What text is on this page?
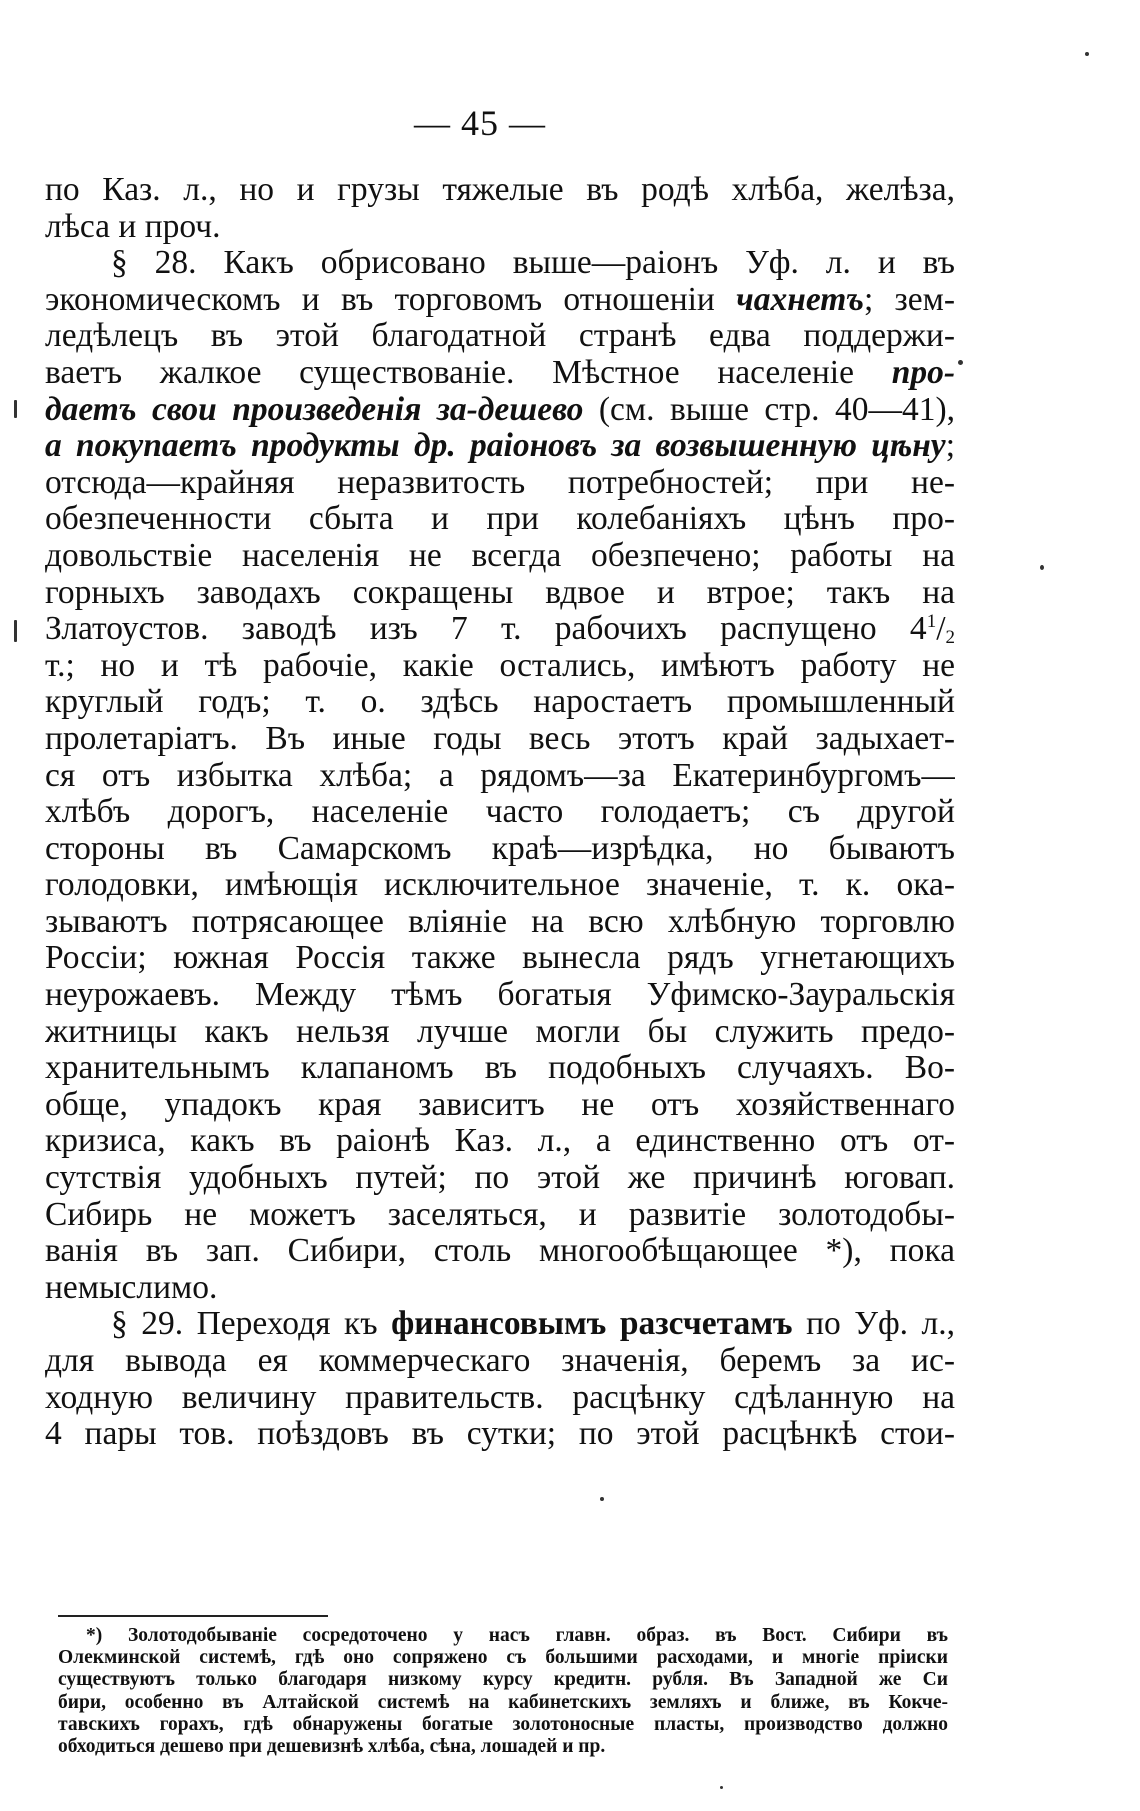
— 45 —
по Каз. л., но и грузы тяжелые въ родѣ хлѣба, желѣза,
лѣса и проч.
§ 28. Какъ обрисовано выше—раіонъ Уф. л. и въ
экономическомъ и въ торговомъ отношеніи чахнетъ; зем-
ледѣлецъ въ этой благодатной странѣ едва поддержи-
ваетъ жалкое существованіе. Мѣстное населеніе про-
даетъ свои произведенія за-дешево (см. выше стр. 40—41),
а покупаетъ продукты др. раіоновъ за возвышенную цѣну;
отсюда—крайняя неразвитость потребностей; при не-
обезпеченности сбыта и при колебаніяхъ цѣнъ про-
довольствіе населенія не всегда обезпечено; работы на
горныхъ заводахъ сокращены вдвое и втрое; такъ на
Златоустов. заводѣ изъ 7 т. рабочихъ распущено $4^1/_2$
т.; но и тѣ рабочіе, какіе остались, имѣютъ работу не
круглый годъ; т. о. здѣсь наростаетъ промышленный
пролетаріатъ. Въ иные годы весь этотъ край задыхает-
ся отъ избытка хлѣба; а рядомъ—за Екатеринбургомъ—
хлѣбъ дорогъ, населеніе часто голодаетъ; съ другой
стороны въ Самарскомъ краѣ—изрѣдка, но бываютъ
голодовки, имѣющія исключительное значеніе, т. к. ока-
зываютъ потрясающее вліяніе на всю хлѣбную торговлю
Россіи; южная Россія также вынесла рядъ угнетающихъ
неурожаевъ. Между тѣмъ богатыя Уфимско-Зауральскія
житницы какъ нельзя лучше могли бы служить предо-
хранительнымъ клапаномъ въ подобныхъ случаяхъ. Во-
обще, упадокъ края зависитъ не отъ хозяйственнаго
кризиса, какъ въ раіонѣ Каз. л., а единственно отъ от-
сутствія удобныхъ путей; по этой же причинѣ юговап.
Сибирь не можетъ заселяться, и развитіе золотодобы-
ванія въ зап. Сибири, столь многообѣщающее *), пока
немыслимо.
§ 29. Переходя къ финансовымъ разсчетамъ по Уф. л.,
для вывода ея коммерческаго значенія, беремъ за ис-
ходную величину правительств. расцѣнку сдѣланную на
4 пары тов. поѣздовъ въ сутки; по этой расцѣнкѣ стои-
*) Золотодобываніе сосредоточено у насъ главн. образ. въ Вост. Сибири въ
Олекминской системѣ, гдѣ оно сопряжено съ большими расходами, и многіе пріиски
существуютъ только благодаря низкому курсу кредитн. рубля. Въ Западной же Си
бири, особенно въ Алтайской системѣ на кабинетскихъ земляхъ и ближе, въ Кокче-
тавскихъ горахъ, гдѣ обнаружены богатые золотоносные пласты, производство должно
обходиться дешево при дешевизнѣ хлѣба, сѣна, лошадей и пр.
